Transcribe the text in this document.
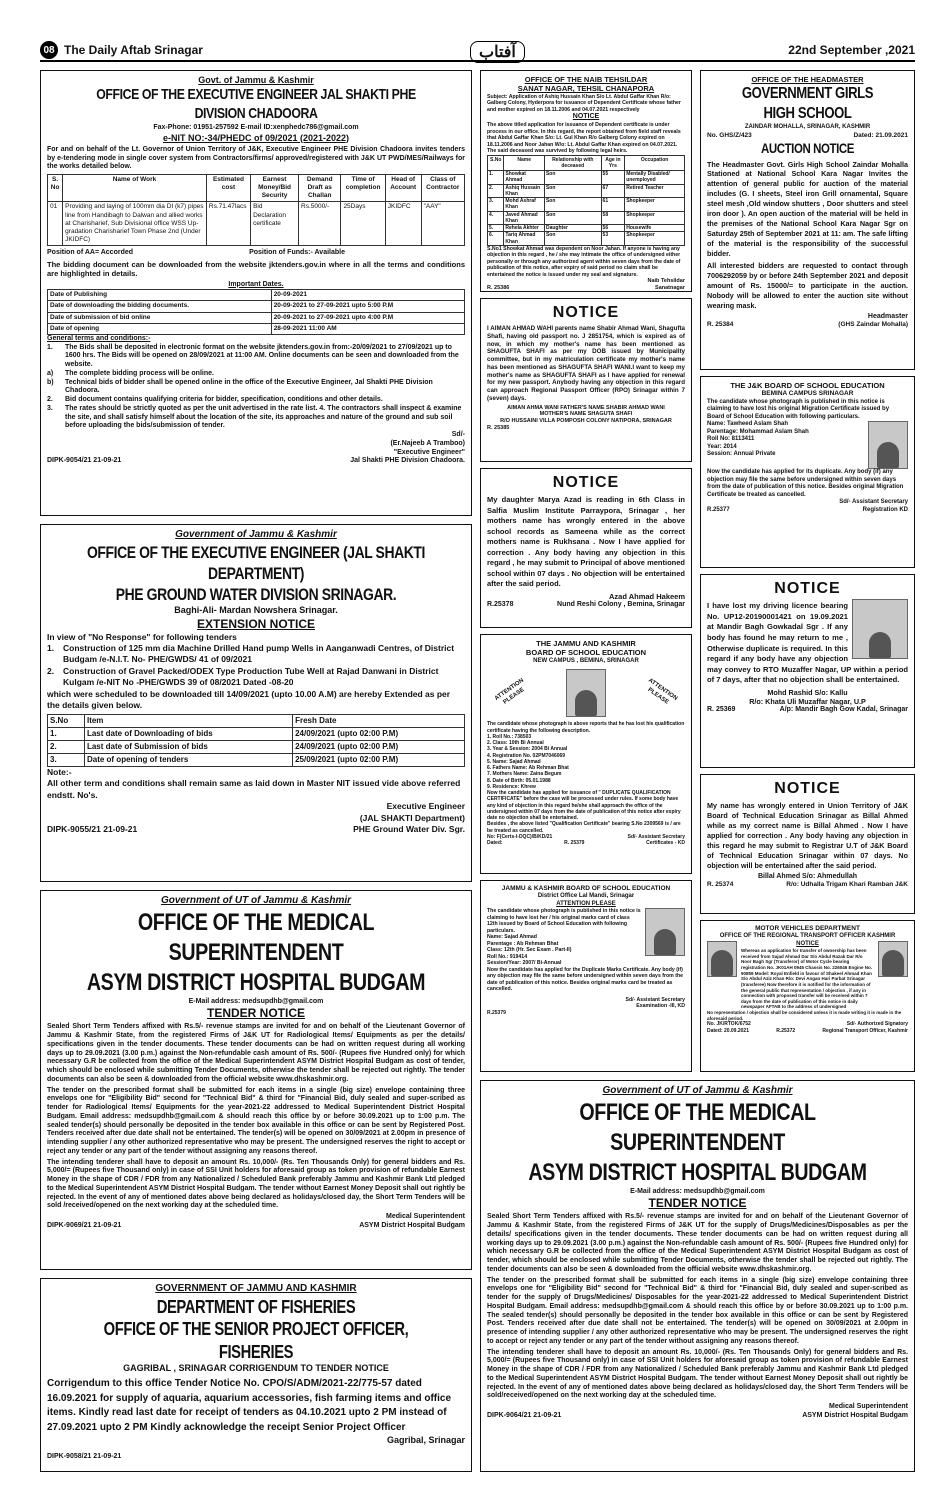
08 The Daily Aftab Srinagar	آفتاب	22nd September ,2021
Govt. of Jammu & Kashmir
OFFICE OF THE EXECUTIVE ENGINEER JAL SHAKTI PHE DIVISION CHADOORA
Fax-Phone: 01951-257592 E-mail ID:xenphedc786@gmail.com
e-NIT NO:-34/PHEDC of 09/2021 (2021-2022)

For and on behalf of the Lt. Governor of Union Territory of J&K, Executive Engineer PHE Division Chadoora invites tenders by e-tendering mode in single cover system from Contractors/firms/ approved/registered with J&K UT PWD/MES/Railways for the works detailed below.

S. No	Name of Work	Estimated cost	Earnest Money/Bid Security	Demand Draft as Challan	Time of completion	Head of Account	Class of Contractor
01	Providing and laying of 100mm dia DI (k7) pipes line from Handibagh to Dalwan and allied works at Charisharief, Sub Divisional office WSS Up-gradation Charisharief Town Phase 2nd (Under JKIDFC)	Rs.71.47lacs	Bid Declaration certificate	Rs.5000/-	25Days	JKIDFC	"AAY"
Position of AA= Accorded	Position of Funds:- Available

The bidding document can be downloaded from the website jktenders.gov.in where in all the terms and conditions are highlighted in details.

Important Dates.
Date of Publishing	20-09-2021
Date of downloading the bidding documents.	20-09-2021 to 27-09-2021 upto 5:00 P.M
Date of submission of bid online	20-09-2021 to 27-09-2021 upto 4:00 P.M
Date of opening	28-09-2021 11:00 AM
General terms and conditions:-
1.	The Bids shall be deposited in electronic format on the website jktenders.gov.in from:-20/09/2021 to 27/09/2021 up to 1600 hrs. The Bids will be opened on 28/09/2021 at 11:00 AM. Online documents can be seen and downloaded from the website.
a)	The complete bidding process will be online.
b)	Technical bids of bidder shall be opened online in the office of the Executive Engineer, Jal Shakti PHE Division Chadoora.
2.	Bid document contains qualifying criteria for bidder, specification, conditions and other details.
3.	The rates should be strictly quoted as per the unit advertised in the rate list. 4. The contractors shall inspect & examine the site, and shall satisfy himself about the location of the site, its approaches and nature of the ground and sub soil before uploading the bids/submission of tender.
Sd/-
(Er.Najeeb A Tramboo)
"Executive Engineer"
DIPK-9054/21 21-09-21	Jal Shakti PHE Division Chadoora.
Government of Jammu & Kashmir
OFFICE OF THE EXECUTIVE ENGINEER (JAL SHAKTI DEPARTMENT)
PHE GROUND WATER DIVISION SRINAGAR.
Baghi-Ali- Mardan Nowshera Srinagar.
EXTENSION NOTICE
In view of "No Response" for following tenders
1.	Construction of 125 mm dia Machine Drilled Hand pump Wells in Aanganwadi Centres, of District Budgam /e-N.I.T. No- PHE/GWDS/ 41 of 09/2021
2.	Construction of Gravel Packed/ODEX Type Production Tube Well at Rajad Danwani in District Kulgam /e-NIT No -PHE/GWDS 39 of 08/2021 Dated -08-20
which were scheduled to be downloaded till 14/09/2021 (upto 10.00 A.M) are hereby Extended as per the details given below.
S.No	Item	Fresh Date
1.	Last date of Downloading of bids	24/09/2021 (upto 02:00 P.M)
2.	Last date of Submission of bids	24/09/2021 (upto 02:00 P.M)
3.	Date of opening of tenders	25/09/2021 (upto 02:00 P.M)
Note:-
All other term and conditions shall remain same as laid down in Master NIT issued vide above referred endstt. No's.
Executive Engineer
(JAL SHAKTI Department)
DIPK-9055/21 21-09-21	PHE Ground Water Div. Sgr.
Government of UT of Jammu & Kashmir
OFFICE OF THE MEDICAL SUPERINTENDENT
ASYM DISTRICT HOSPITAL BUDGAM
E-Mail address: medsupdhb@gmail.com
TENDER NOTICE

Sealed Short Term Tenders affixed with Rs.5/- revenue stamps are invited for and on behalf of the Lieutenant Governor of Jammu & Kashmir State, from the registered Firms of J&K UT for Radiological Items/ Equipments as per the details/ specifications given in the tender documents. These tender documents can be had on written request during all working days up to 29.09.2021 (3.00 p.m.) against the Non-refundable cash amount of Rs. 500/- (Rupees five Hundred only) for which necessary G.R be collected from the office of the Medical Superintendent ASYM District Hospital Budgam as cost of tender, which should be enclosed while submitting Tender Documents, otherwise the tender shall be rejected out rightly. The tender documents can also be seen & downloaded from the official website www.dhskashmir.org.

The tender on the prescribed format shall be submitted for each items in a single (big size) envelope containing three envelops one for "Eligibility Bid" second for "Technical Bid" & third for "Financial Bid, duly sealed and super-scribed as tender for Radiological Items/ Equipments for the year-2021-22 addressed to Medical Superintendent District Hospital Budgam. Email address: medsupdhb@gmail.com & should reach this office by or before 30.09.2021 up to 1:00 p.m. The sealed tender(s) should personally be deposited in the tender box available in this office or can be sent by Registered Post. Tenders received after due date shall not be entertained. The tender(s) will be opened on 30/09/2021 at 2.00pm in presence of intending supplier / any other authorized representative who may be present. The undersigned reserves the right to accept or reject any tender or any part of the tender without assigning any reasons thereof.

The intending tenderer shall have to deposit an amount Rs. 10,000/- (Rs. Ten Thousands Only) for general bidders and Rs. 5,000/= (Rupees five Thousand only) in case of SSI Unit holders for aforesaid group as token provision of refundable Earnest Money in the shape of CDR / FDR from any Nationalized / Scheduled Bank preferably Jammu and Kashmir Bank Ltd pledged to the Medical Superintendent ASYM District Hospital Budgam. The tender without Earnest Money Deposit shall out rightly be rejected. In the event of any of mentioned dates above being declared as holidays/closed day, the Short Term Tenders will be sold /received/opened on the next working day at the scheduled time.

Medical Superintendent
DIPK-9069/21 21-09-21	ASYM District Hospital Budgam
GOVERNMENT OF JAMMU AND KASHMIR
DEPARTMENT OF FISHERIES
OFFICE OF THE SENIOR PROJECT OFFICER, FISHERIES
GAGRIBAL , SRINAGAR CORRIGENDUM TO TENDER NOTICE
Corrigendum to this office Tender Notice No. CPO/S/ADM/2021-22/775-57 dated 16.09.2021 for supply of aquaria, aquarium accessories, fish farming items and office items. Kindly read last date for receipt of tenders as 04.10.2021 upto 2 PM instead of 27.09.2021 upto 2 PM Kindly acknowledge the receipt Senior Project Officer
Gagribal, Srinagar
DIPK-9058/21 21-09-21
OFFICE OF THE NAIB TEHSILDAR
SANAT NAGAR, TEHSIL CHANAPORA
Subject: Application of Ashiq Hussain Khan S/o Lt. Abdul Gaffar Khan R/o: Galberg Colony, Hyderpora for issuance of Dependent Certificate whose father and mother expired on 18.11.2006 and 04.07.2021 respectively
NOTICE
The above titled application for issuance of Dependent certificate is under process in our office. In this regard, the report obtained from field staff reveals that Abdul Gaffar Khan S/o: Lt. Gul Khan R/o Galberg Colony expired on 18.11.2006 and Noor Jahan W/o: Lt. Abdul Gaffar Khan expired on 04.07.2021. The said deceased was survived by following legal heirs.
S.No	Name	Relationship with deceased	Age in Yrs	Occupation
1.	Showkat Ahmad	Son	55	Mentally Disabled/ unemployed
2.	Ashiq Hussain Khan	Son	67	Retired Teacher
3.	Mohd Ashraf Khan	Son	61	Shopkeeper
4.	Javed Ahmad Khan	Son	58	Shopkeeper
5.	Rehela Akhter	Daughter	56	Housewife
6.	Tariq Ahmad Khan	Son	53	Shopkeeper
S.No1 Showkat Ahmad was dependent on Noor Jahan. If anyone is having any objection in this regard , he / she may intimate the office of undersigned either personally or through any authorized agent within seven days from the date of publication of this notice, after expiry of said period no claim shall be entertained the notice is issued under my seal and signature.
Naib Tehsildar
R. 25386	Sanatnagar
NOTICE

I AIMAN AHMAD WAHI parents name Shabir Ahmad Wani, Shagufta Shafi, having old passport no. J 2851754, which is expired as of now, in which my mother's name has been mentioned as SHAGUFTA SHAFI as per my DOB issued by Municipality committee, but in my matriculation certificate my mother's name has been mentioned as SHAGUFTA SHAFI WANI.I want to keep my mother's name as SHAGUFTA SHAFI as I have applied for renewal for my new passport. Anybody having any objection in this regard can approach Regional Passport Officer (RPO) Srinagar within 7 (seven) days.

AIMAN AHMA WANI FATHER'S NAME SHABIR AHMAD WANI
MOTHER'S NAME SHAGUTA SHAFI
R/O HUSSAINI VILLA POMPOSH COLONY NATIPORA, SRINAGAR
R. 25385
NOTICE

My daughter Marya Azad is reading in 6th Class in Salfia Muslim Institute Parraypora, Srinagar , her mothers name has wrongly entered in the above school records as Sameena while as the correct mothers name is Rukhsana . Now I have applied for correction . Any body having any objection in this regard , he may submit to Principal of above mentioned school within 07 days . No objection will be entertained after the said period.

Azad Ahmad Hakeem
R.25378	Nund Reshi Colony , Bemina, Srinagar
THE JAMMU AND KASHMIR
BOARD OF SCHOOL EDUCATION
NEW CAMPUS , BEMINA, SRINAGAR
ATTENTION PLEASE	ATTENTION PLEASE
The candidate whose photograph is above reports that he has lost his qualification certificate having the following description.
1. Roll No.: 738503
2. Class: 10th Bi Annual
3. Year & Session: 2004 Bi Annual
4. Registration No. 02PM7046069
5. Name: Sajad Ahmad
6. Fathers Name: Ab Rehman Bhat
7. Mothers Name: Zaina Begum
8. Date of Birth: 05.01.1988
9. Residence: Khrew
Now the candidate has applied for issuance of " DUPLICATE QUALIFICATION CERTIFICATE" before the case will be processed under rules. If some body have any kind of objection in this regard he/she shall approach the office of the undersigned within 07 days from the date of publication of this notice after expiry date no objection shall be entertained.
Besides , the above listed "Qualification Certificate" bearing S.No 2309569 is / are be treated as cancelled.
No: F(Certs-I-DQC)/B/KD/21	Sd/- Assistant Secretary
Dated:	R. 25379	Certificates - KD
JAMMU & KASHMIR BOARD OF SCHOOL EDUCATION
District Office Lal Mandi, Srinagar
ATTENTION PLEASE
The candidate whose photograph is published in this notice is claiming to have lost her / his original marks card of class 12th issued by Board of School Education with following particulars.
Name: Sajad Ahmad
Parentage : Ab Rehman Bhat
Class: 12th (Hr. Sec Exam . Part-II)
Roll No.: 919414
Session/Year: 2007/ Bi-Annual
Now the candidate has applied for the Duplicate Marks Certificate. Any body (if) any objection may file the same before undersigned within seven days from the date of publication of this notice. Besides original marks card be treated as cancelled.
Sd/- Assistant Secretary
Examination -III, KD
R.25379
OFFICE OF THE HEADMASTER
GOVERNMENT GIRLS HIGH SCHOOL
ZAINDAR MOHALLA, SRINAGAR, KASHMIR
No. GHS/Z/423	Dated: 21.09.2021
AUCTION NOTICE

The Headmaster Govt. Girls High School Zaindar Mohalla Stationed at National School Kara Nagar Invites the attention of general public for auction of the material includes (G. I sheets, Steel iron Grill ornamental, Square steel mesh ,Old window shutters , Door shutters and steel iron door ). An open auction of the material will be held in the premises of the National School Kara Nagar Sgr on Saturday 25th of September 2021 at 11: am. The safe lifting of the material is the responsibility of the successful bidder.

All interested bidders are requested to contact through 7006292059 by or before 24th September 2021 and deposit amount of Rs. 15000/= to participate in the auction. Nobody will be allowed to enter the auction site without wearing mask.

Headmaster
R. 25384	(GHS Zaindar Mohalla)
THE J&K BOARD OF SCHOOL EDUCATION
BEMINA CAMPUS SRINAGAR
The candidate whose photograph is published in this notice is claiming to have lost his original Migration Certificate issued by Board of School Education with following particulars.
Name: Tawheed Aslam Shah
Parentage: Mohammad Aslam Shah
Roll No: 8113411
Year: 2014
Session: Annual Private
Now the candidate has applied for its duplicate. Any body (if) any objection may file the same before undersigned within seven days from the date of publication of this notice. Besides original Migration Certificate be treated as cancelled.
Sd/- Assistant Secretary
R.25377	Registration KD
NOTICE

I have lost my driving licence bearing No. UP12-20190001421 on 19.09.2021 at Mandir Bagh Gowkadal Sgr . If any body has found he may return to me , Otherwise duplicate is required. In this regard if any body have any objection may convey to RTO Muzaffer Nagar, UP within a period of 7 days, after that no objection shall be entertained.

Mohd Rashid S/o: Kallu
R/o: Khata Uli Muzaffar Nagar, U.P
R. 25369	A/p: Mandir Bagh Gow Kadal, Srinagar
NOTICE

My name has wrongly entered in Union Territory of J&K Board of Technical Education Srinagar as Billal Ahmed while as my correct name is Billal Ahmed . Now I have applied for correction . Any body having any objection in this regard he may submit to Registrar U.T of J&K Board of Technical Education Srinagar within 07 days. No objection will be entertained after the said period.

Billal Ahmed S/o: Ahmedullah
R. 25374	R/o: Udhalla Trigam Khari Ramban J&K
MOTOR VEHICLES DEPARTMENT
OFFICE OF THE REGIONAL TRANSPORT OFFICER KASHMIR
NOTICE
Whereas an application for transfer of ownership has been received from Sajad Ahmad Dar S/o Abdul Razak Dar R/o Noor Bagh Sgr (Transferor) of Motor Cycle bearing registration No. JK01AH 0945 Chassis No. 226046 Engine No. 90859 Model: Royal Enfield in favour of Shakeel Ahmad Khan S/o Abdul Aziz Khan R/o: Devi Angan Hari Parbat Srinagar (transferee) Now therefore it is notified for the information of the general public that representation / objection , if any in connection with proposed transfer will be received within 7 days from the date of publication of this notice in daily newspaper AFTAB to the address of undersigned
No representation / objection shall be considered unless it is made writing it is made in the aforesaid period.
No. JK/RTOK/6752	Sd/- Authorized Signatory
Dated: 20.09.2021	R.25372	Regional Transport Officer, Kashmir
Government of UT of Jammu & Kashmir
OFFICE OF THE MEDICAL SUPERINTENDENT
ASYM DISTRICT HOSPITAL BUDGAM
E-Mail address: medsupdhb@gmail.com
TENDER NOTICE

Sealed Short Term Tenders affixed with Rs.5/- revenue stamps are invited for and on behalf of the Lieutenant Governor of Jammu & Kashmir State, from the registered Firms of J&K UT for the supply of Drugs/Medicines/Disposables as per the details/ specifications given in the tender documents. These tender documents can be had on written request during all working days up to 29.09.2021 (3.00 p.m.) against the Non-refundable cash amount of Rs. 500/- (Rupees five Hundred only) for which necessary G.R be collected from the office of the Medical Superintendent ASYM District Hospital Budgam as cost of tender, which should be enclosed while submitting Tender Documents, otherwise the tender shall be rejected out rightly. The tender documents can also be seen & downloaded from the official website www.dhskashmir.org.

The tender on the prescribed format shall be submitted for each items in a single (big size) envelope containing three envelops one for "Eligibility Bid" second for "Technical Bid" & third for "Financial Bid, duly sealed and super-scribed as tender for the supply of Drugs/Medicines/ Disposables for the year-2021-22 addressed to Medical Superintendent District Hospital Budgam. Email address: medsupdhb@gmail.com & should reach this office by or before 30.09.2021 up to 1:00 p.m. The sealed tender(s) should personally be deposited in the tender box available in this office or can be sent by Registered Post. Tenders received after due date shall not be entertained. The tender(s) will be opened on 30/09/2021 at 2.00pm in presence of intending supplier / any other authorized representative who may be present. The undersigned reserves the right to accept or reject any tender or any part of the tender without assigning any reasons thereof.

The intending tenderer shall have to deposit an amount Rs. 10,000/- (Rs. Ten Thousands Only) for general bidders and Rs. 5,000/= (Rupees five Thousand only) in case of SSI Unit holders for aforesaid group as token provision of refundable Earnest Money in the shape of CDR / FDR from any Nationalized / Scheduled Bank preferably Jammu and Kashmir Bank Ltd pledged to the Medical Superintendent ASYM District Hospital Budgam. The tender without Earnest Money Deposit shall out rightly be rejected. In the event of any of mentioned dates above being declared as holidays/closed day, the Short Term Tenders will be sold/received/opened on the next working day at the scheduled time.

Medical Superintendent
DIPK-9064/21 21-09-21	ASYM District Hospital Budgam
